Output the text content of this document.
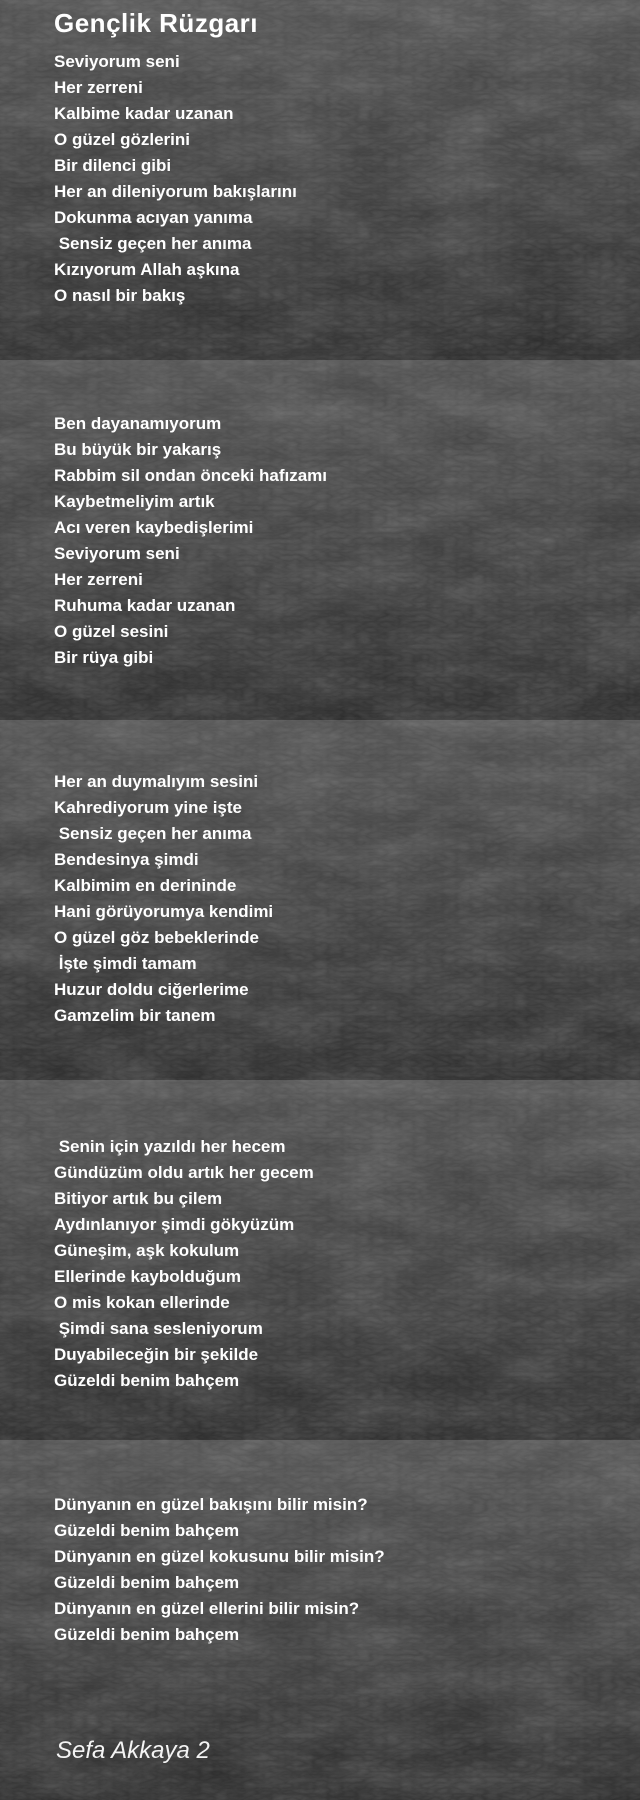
Gençlik Rüzgarı
Seviyorum seni
Her zerreni
Kalbime kadar uzanan
O güzel gözlerini
Bir dilenci gibi
Her an dileniyorum bakışlarını
Dokunma acıyan yanıma
Sensiz geçen her anıma
Kızıyorum Allah aşkına
O nasıl bir bakış
Ben dayanamıyorum
Bu büyük bir yakarış
Rabbim sil ondan önceki hafızamı
Kaybetmeliyim artık
Acı veren kaybedişlerimi
Seviyorum seni
Her zerreni
Ruhuma kadar uzanan
O güzel sesini
Bir rüya gibi
Her an duymalıyım sesini
Kahrediyorum yine işte
Sensiz geçen her anıma
Bendesinya şimdi
Kalbimim en derininde
Hani görüyorumya kendimi
O güzel göz bebeklerinde
İşte şimdi tamam
Huzur doldu ciğerlerime
Gamzelim bir tanem
Senin için yazıldı her hecem
Gündüzüm oldu artık her gecem
Bitiyor artık bu çilem
Aydınlanıyor şimdi gökyüzüm
Güneşim, aşk kokulum
Ellerinde kaybolduğum
O mis kokan ellerinde
Şimdi sana sesleniyorum
Duyabileceğin bir şekilde
Güzeldi benim bahçem
Dünyanın en güzel bakışını bilir misin?
Güzeldi benim bahçem
Dünyanın en güzel kokusunu bilir misin?
Güzeldi benim bahçem
Dünyanın en güzel ellerini bilir misin?
Güzeldi benim bahçem
Sefa Akkaya 2
